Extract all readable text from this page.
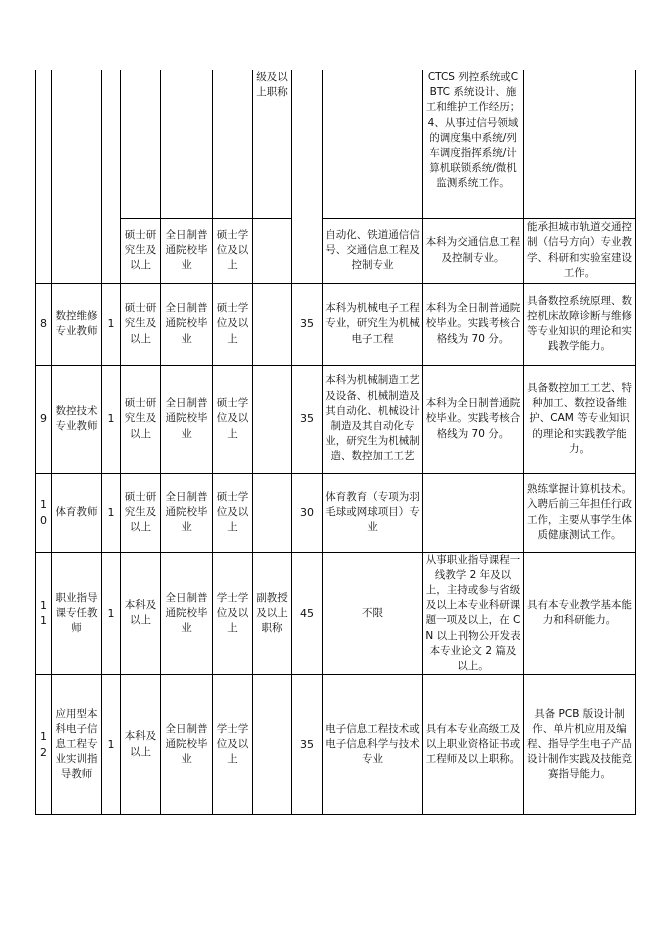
						级及以上职称			CTCS 列控系统或CBTC 系统设计、施工和维护工作经历；4、从事过信号领域的调度集中系统/列车调度指挥系统/计算机联锁系统/微机监测系统工作。	
			硕士研究生及以上	全日制普通院校毕业	硕士学位及以上			自动化、铁道通信信号、交通信息工程及控制专业	本科为交通信息工程及控制专业。	能承担城市轨道交通控制（信号方向）专业教学、科研和实验室建设工作。
8	数控维修专业教师	1	硕士研究生及以上	全日制普通院校毕业	硕士学位及以上		35	本科为机械电子工程专业，研究生为机械电子工程	本科为全日制普通院校毕业。实践考核合格线为 70 分。	具备数控系统原理、数控机床故障诊断与维修等专业知识的理论和实践教学能力。
9	数控技术专业教师	1	硕士研究生及以上	全日制普通院校毕业	硕士学位及以上		35	本科为机械制造工艺及设备、机械制造及其自动化、机械设计制造及其自动化专业，研究生为机械制造、数控加工工艺	本科为全日制普通院校毕业。实践考核合格线为 70 分。	具备数控加工工艺、特种加工、数控设备维护、CAM 等专业知识的理论和实践教学能力。
10	体育教师	1	硕士研究生及以上	全日制普通院校毕业	硕士学位及以上		30	体育教育（专项为羽毛球或网球项目）专业		熟练掌握计算机技术。入聘后前三年担任行政工作，主要从事学生体质健康测试工作。
11	职业指导课专任教师	1	本科及以上	全日制普通院校毕业	学士学位及以上	副教授及以上职称	45	不限	从事职业指导课程一线教学 2 年及以上，主持或参与省级及以上本专业科研课题一项及以上，在 CN 以上刊物公开发表本专业论文 2 篇及以上。	具有本专业教学基本能力和科研能力。
12	应用型本科电子信息工程专业实训指导教师	1	本科及以上	全日制普通院校毕业	学士学位及以上		35	电子信息工程技术或电子信息科学与技术专业	具有本专业高级工及以上职业资格证书或工程师及以上职称。	具备 PCB 版设计制作、单片机应用及编程、指导学生电子产品设计制作实践及技能竞赛指导能力。
